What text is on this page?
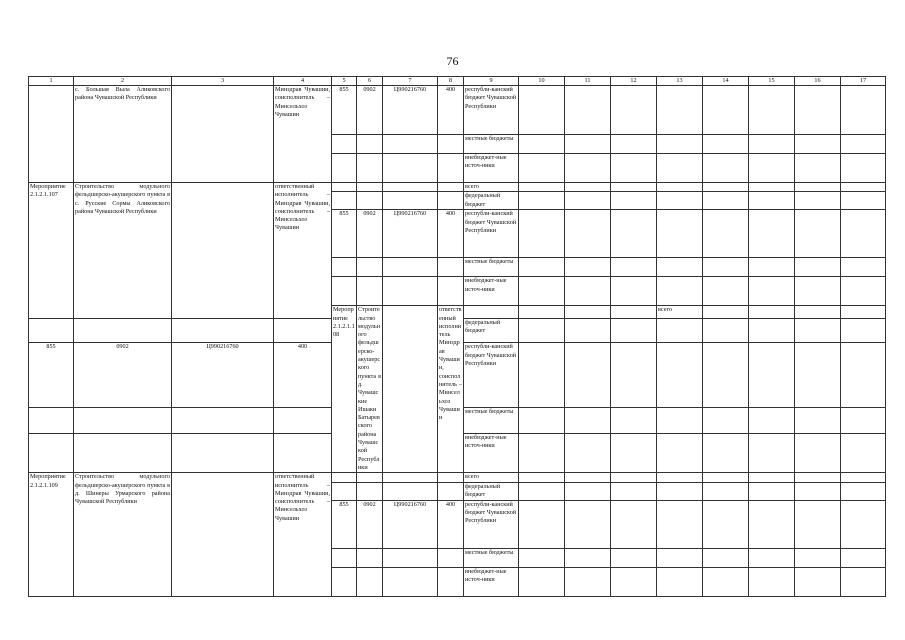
76
1	2	3	4	5	6	7	8	9	10	11	12	13	14	15	16	17	
	с. Большая Выла Аликовского района Чувашской Республики		Минздрав Чувашии, соисполнитель – Минсельхоз Чувашии	855	0902	Ц990216760	400	республи-канский бюджет Чувашской Республики									
								местные бюджеты									
								внебюджет-ные источ-ники									
Мероприятие 2.1.2.1.107	Строительство модульного фельдшерско-акушерского пункта в с. Русские Сормы Аликовского района Чувашской Республики		ответственный исполнитель – Минздрав Чувашии, соисполнитель – Минсельхоз Чувашии					всего									
								федеральный бюджет									
				855	0902	Ц990216760	400	республи-канский бюджет Чувашской Республики									
								местные бюджеты									
								внебюджет-ные источ-ники									
				Мероприятие 2.1.2.1.108	Строительство модульного фельдшерско-акушерского пункта в д. Чувашские Ишаки Батыревского района Чувашской Республики		ответственный исполнитель Минздрав Чувашии, соисполнитель – Минсельхоз Чувашии					всего								
								федеральный бюджет									
855	0902	Ц990216760	400					республи-канский бюджет Чувашской Республики									
								местные бюджеты									
								внебюджет-ные источ-ники									
Мероприятие 2.1.2.1.109	Строительство модульного фельдшерско-акушерского пункта в д. Шинеры Урмарского района Чувашской Республики		ответственный исполнитель – Минздрав Чувашии, соисполнитель – Минсельхоз Чувашии					всего									
								федеральный бюджет									
				855	0902	Ц990216760	400	республи-канский бюджет Чувашской Республики									
								местные бюджеты									
								внебюджет-ные источ-ники									
